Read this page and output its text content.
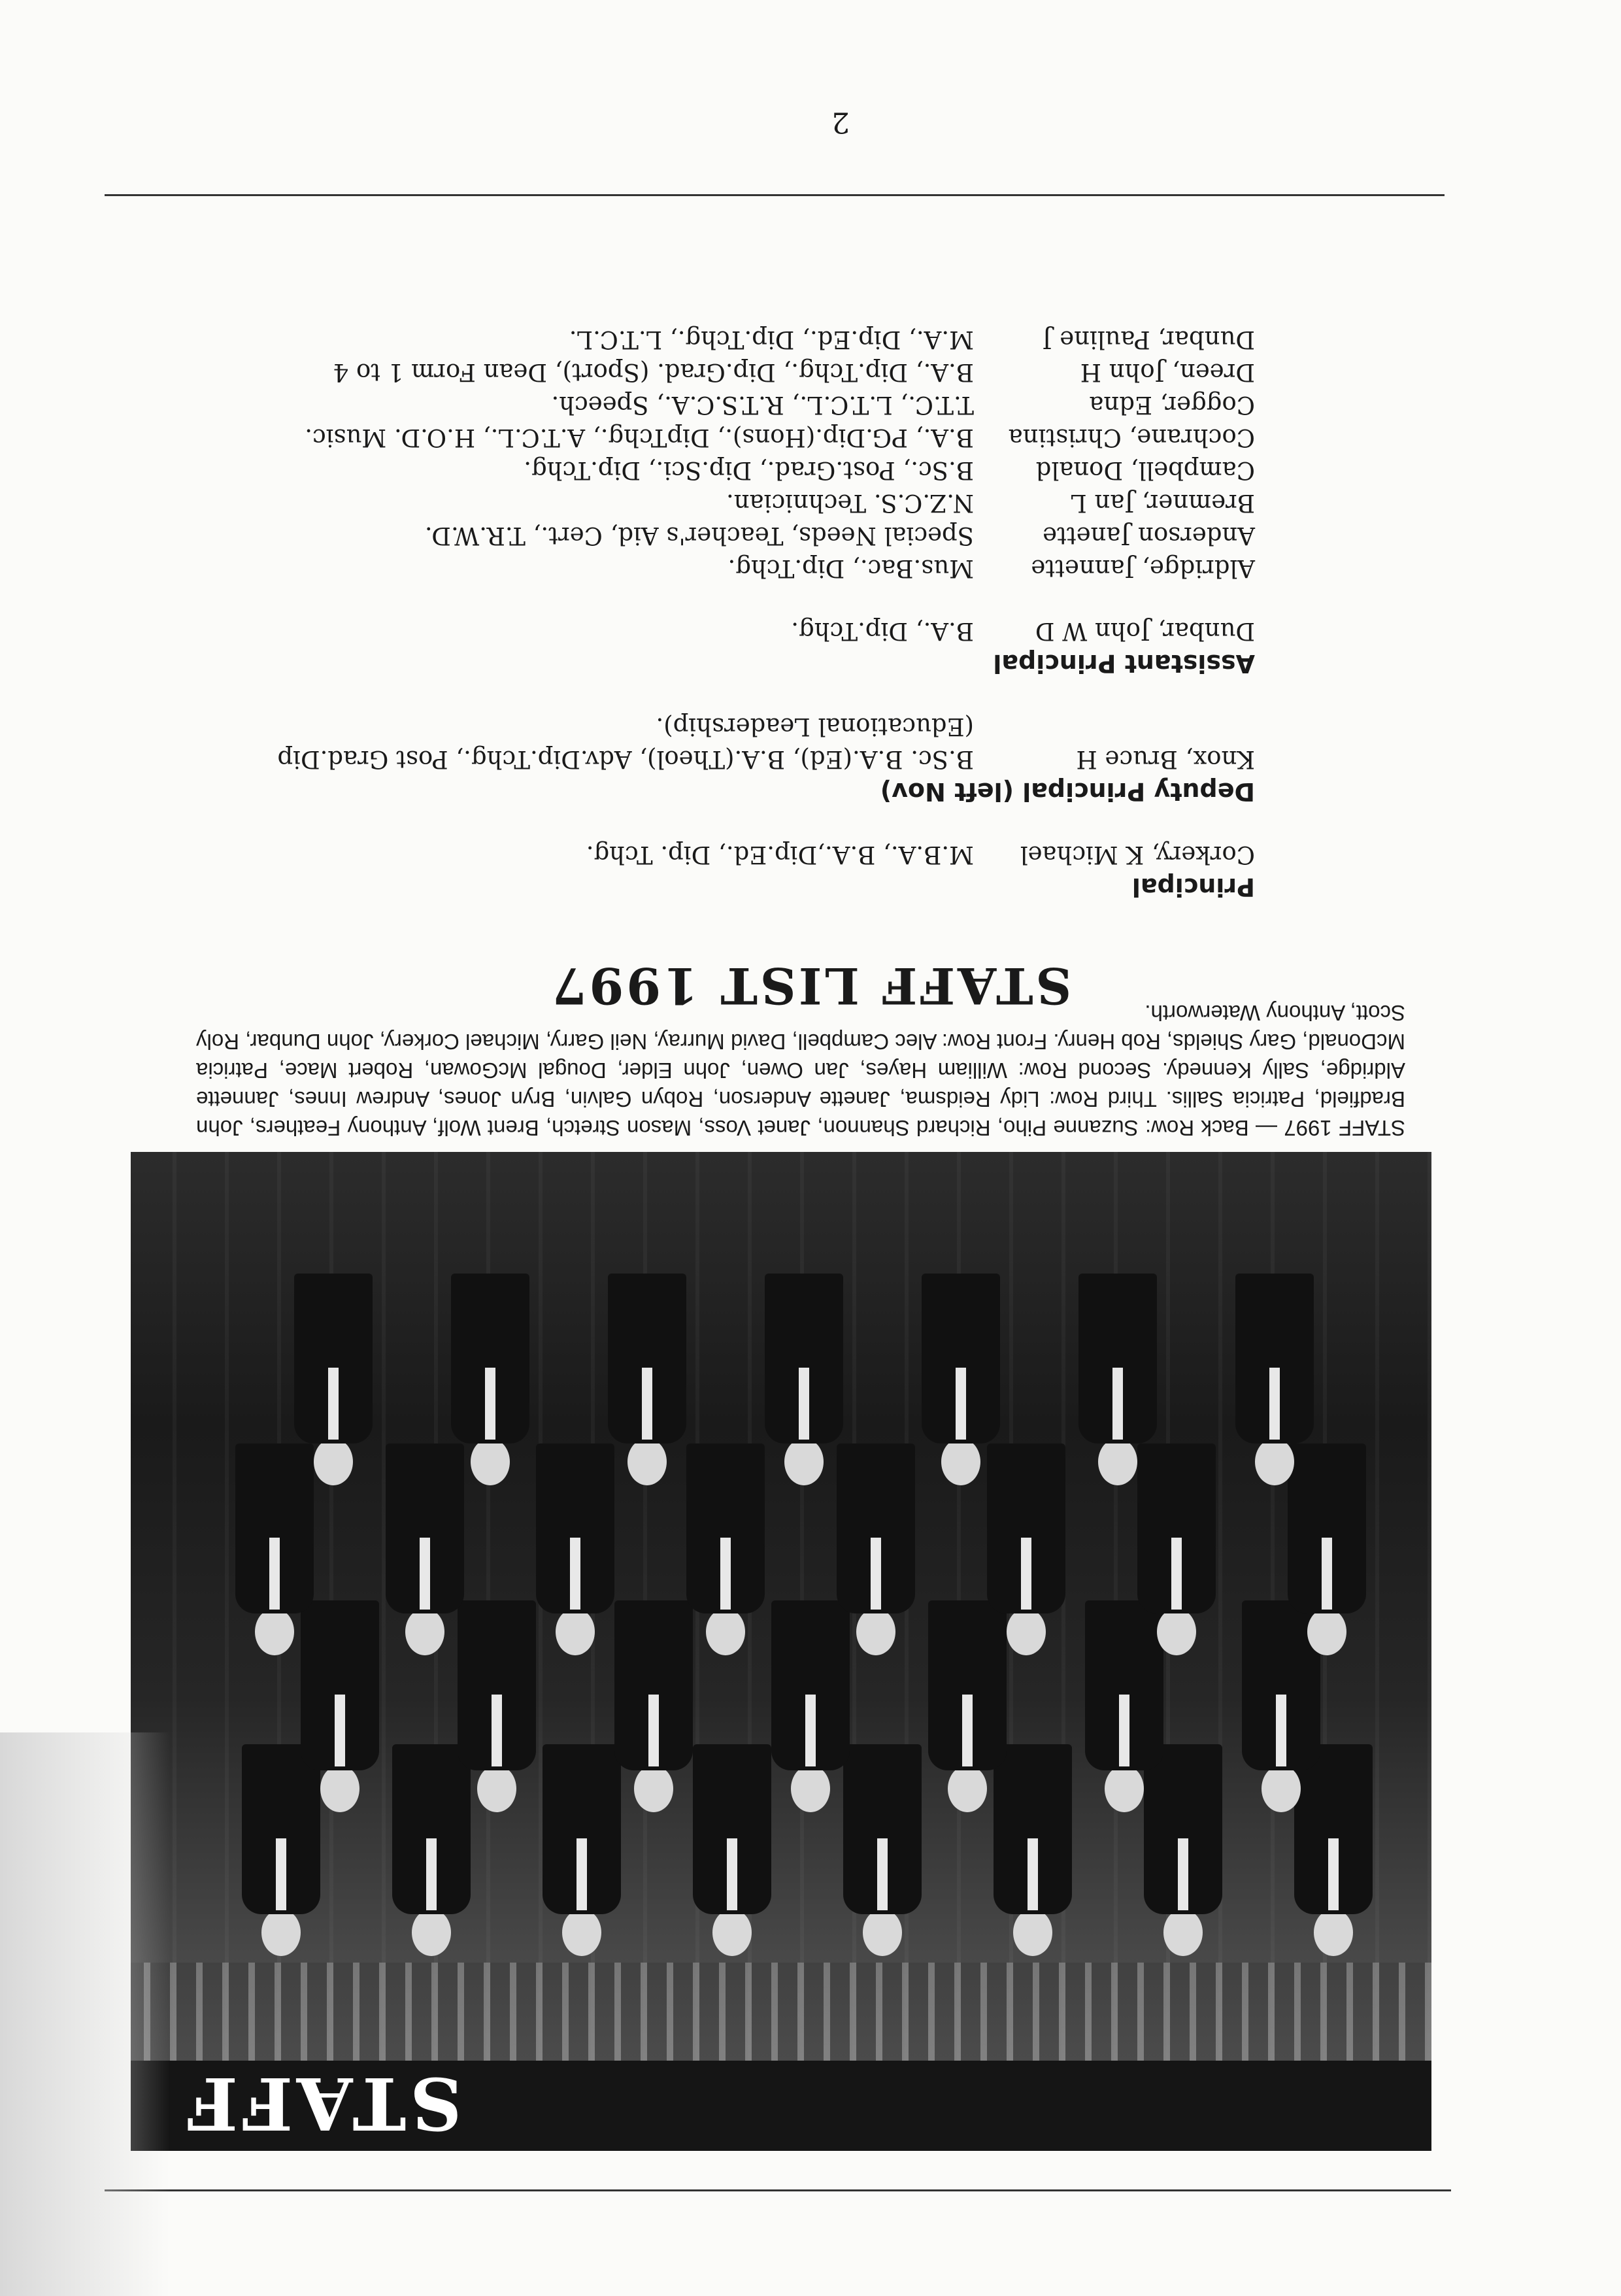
STAFF
STAFF 1997 — Back Row: Suzanne Piho, Richard Shannon, Janet Voss, Mason Stretch, Brent Wolf, Anthony Feathers, John Bradfield, Patricia Sallis. Third Row: Lidy Reidsma, Janette Anderson, Robyn Galvin, Bryn Jones, Andrew Innes, Jannette Aldridge, Sally Kennedy. Second Row: William Hayes, Jan Owen, John Elder, Dougal McGowan, Robert Mace, Patricia McDonald, Gary Shields, Rob Henry. Front Row: Alec Campbell, David Murray, Neil Garry, Michael Corkery, John Dunbar, Roly Scott, Anthony Waterworth.
STAFF LIST 1997
Principal
Corkery, K Michael
M.B.A., B.A.,Dip.Ed., Dip. Tchg.
Deputy Principal (left Nov)
Knox, Bruce H
B.Sc. B.A.(Ed), B.A.(Theol), Adv.Dip.Tchg., Post Grad.Dip (Educational Leadership).
Assistant Principal
Dunbar, John W D
B.A., Dip.Tchg.
Aldridge, Jannette
Mus.Bac., Dip.Tchg.
Anderson Janette
Special Needs, Teacher's Aid, Cert., T.R.W.D.
Bremner, Jan L
N.Z.C.S. Technician.
Campbell, Donald
B.Sc., Post.Grad., Dip.Sci., Dip.Tchg.
Cochrane, Christina
B.A., PG.Dip.(Hons)., DipTchg., A.T.C.L., H.O.D. Music.
Cogger, Edna
T.T.C., L.T.C.L., R.T.S.C.A., Speech.
Dreen, John H
B.A., Dip.Tchg., Dip.Grad. (Sport), Dean Form 1 to 4
Dunbar, Pauline J
M.A., Dip.Ed., Dip.Tchg., L.T.C.L.
2
